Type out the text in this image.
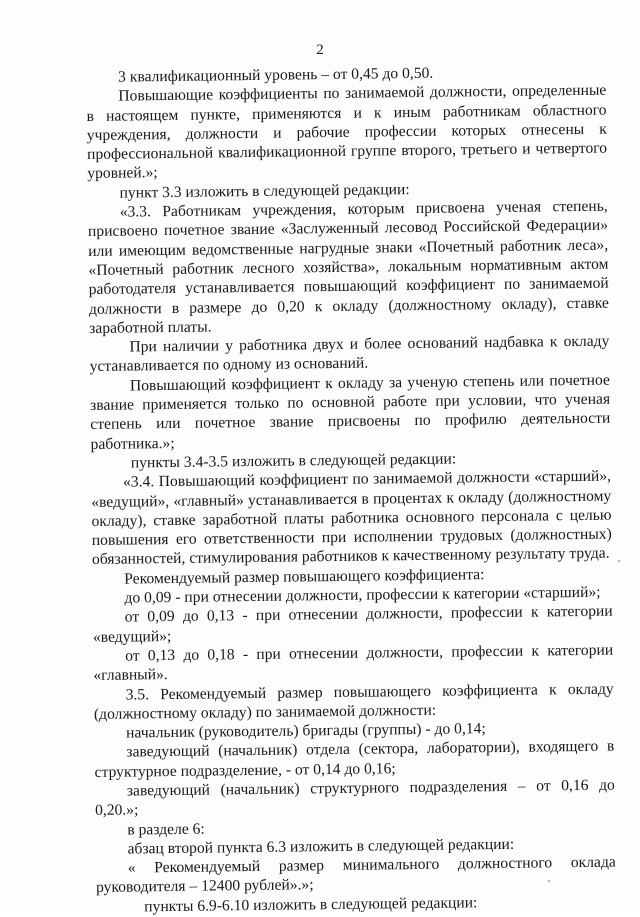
2

3 квалификационный уровень – от 0,45 до 0,50.

Повышающие коэффициенты по занимаемой должности, определенные в настоящем пункте, применяются и к иным работникам областного учреждения, должности и рабочие профессии которых отнесены к профессиональной квалификационной группе второго, третьего и четвертого уровней.»;

пункт 3.3 изложить в следующей редакции:

«3.3. Работникам учреждения, которым присвоена ученая степень, присвоено почетное звание «Заслуженный лесовод Российской Федерации» или имеющим ведомственные нагрудные знаки «Почетный работник леса», «Почетный работник лесного хозяйства», локальным нормативным актом работодателя устанавливается повышающий коэффициент по занимаемой должности в размере до 0,20 к окладу (должностному окладу), ставке заработной платы.

При наличии у работника двух и более оснований надбавка к окладу устанавливается по одному из оснований.

Повышающий коэффициент к окладу за ученую степень или почетное звание применяется только по основной работе при условии, что ученая степень или почетное звание присвоены по профилю деятельности работника.»;

пункты 3.4-3.5 изложить в следующей редакции:

«3.4. Повышающий коэффициент по занимаемой должности «старший», «ведущий», «главный» устанавливается в процентах к окладу (должностному окладу), ставке заработной платы работника основного персонала с целью повышения его ответственности при исполнении трудовых (должностных) обязанностей, стимулирования работников к качественному результату труда.

Рекомендуемый размер повышающего коэффициента:

до 0,09 - при отнесении должности, профессии к категории «старший»;

от 0,09 до 0,13 - при отнесении должности, профессии к категории «ведущий»;

от 0,13 до 0,18 - при отнесении должности, профессии к категории «главный».

3.5. Рекомендуемый размер повышающего коэффициента к окладу (должностному окладу) по занимаемой должности:

начальник (руководитель) бригады (группы) - до 0,14;

заведующий (начальник) отдела (сектора, лаборатории), входящего в структурное подразделение, - от 0,14 до 0,16;

заведующий (начальник) структурного подразделения – от 0,16 до 0,20.»;

в разделе 6:

абзац второй пункта 6.3 изложить в следующей редакции:

« Рекомендуемый размер минимального должностного оклада руководителя – 12400 рублей».»;

пункты 6.9-6.10 изложить в следующей редакции:
